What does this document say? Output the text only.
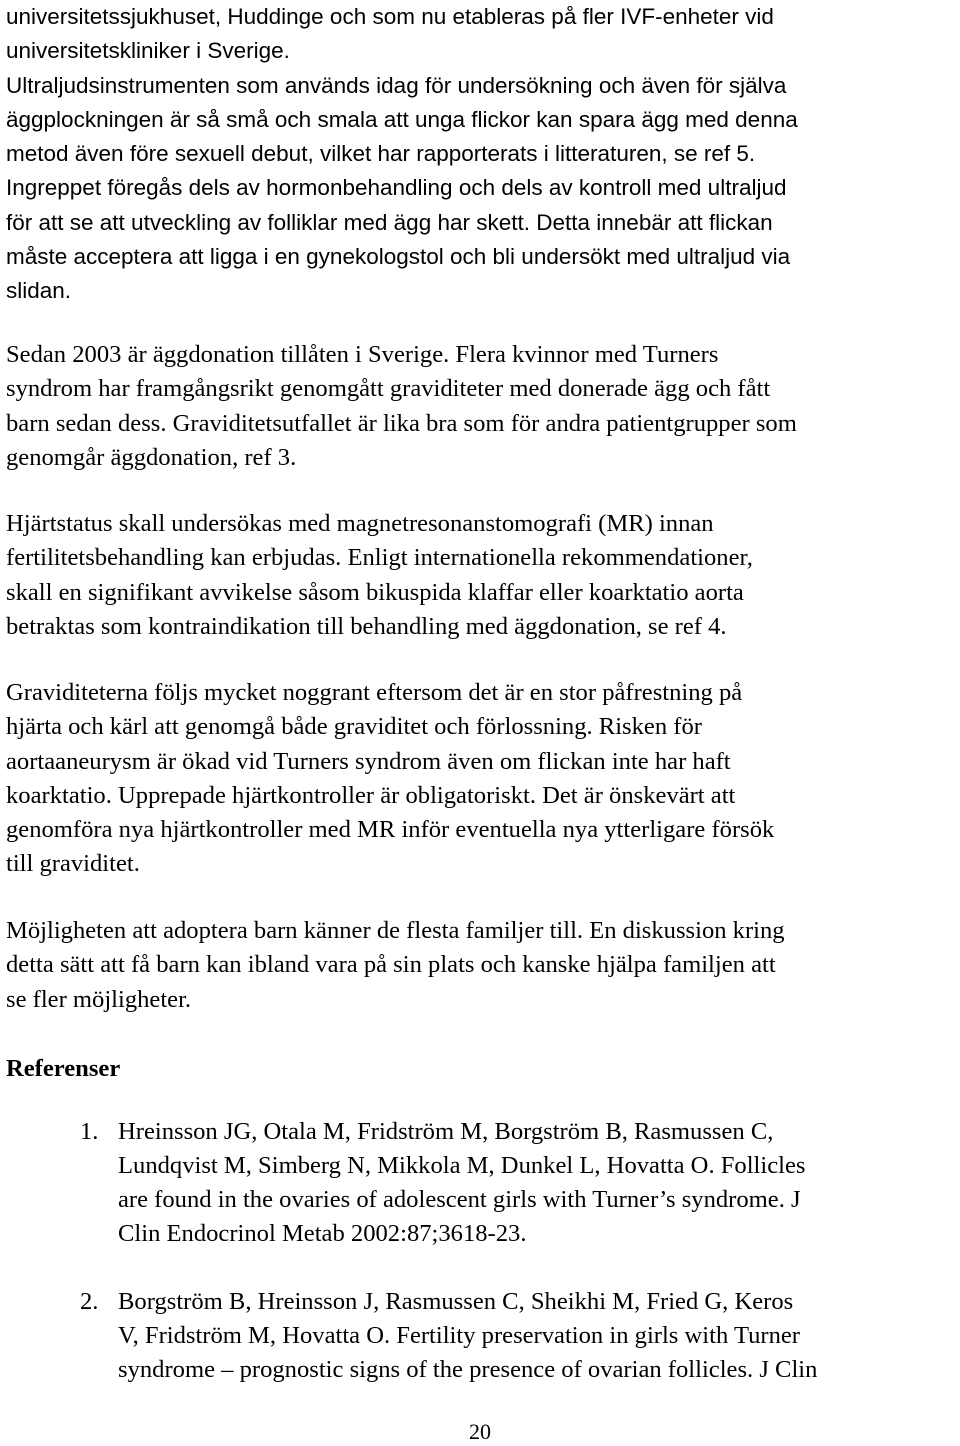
universitetssjukhuset, Huddinge och som nu etableras på fler IVF-enheter vid
universitetskliniker i Sverige.
Ultraljudsinstrumenten som används idag för undersökning och även för själva
äggplockningen är så små och smala att unga flickor kan spara ägg med denna
metod även före sexuell debut, vilket har rapporterats i litteraturen, se ref 5.
Ingreppet föregås dels av hormonbehandling och dels av kontroll med ultraljud
för att se att utveckling av folliklar med ägg har skett. Detta innebär att flickan
måste acceptera att ligga i en gynekologstol och bli undersökt med ultraljud via
slidan.
Sedan 2003 är äggdonation tillåten i Sverige. Flera kvinnor med Turners
syndrom har framgångsrikt genomgått graviditeter med donerade ägg och fått
barn sedan dess. Graviditetsutfallet är lika bra som för andra patientgrupper som
genomgår äggdonation, ref 3.
Hjärtstatus skall undersökas med magnetresonanstomografi (MR) innan
fertilitetsbehandling kan erbjudas. Enligt internationella rekommendationer,
skall en signifikant avvikelse såsom bikuspida klaffar eller koarktatio aorta
betraktas som kontraindikation till behandling med äggdonation, se ref 4.
Graviditeterna följs mycket noggrant eftersom det är en stor påfrestning på
hjärta och kärl att genomgå både graviditet och förlossning. Risken för
aortaaneurysm är ökad vid Turners syndrom även om flickan inte har haft
koarktatio. Upprepade hjärtkontroller är obligatoriskt. Det är önskevärt att
genomföra nya hjärtkontroller med MR inför eventuella nya ytterligare försök
till graviditet.
Möjligheten att adoptera barn känner de flesta familjer till. En diskussion kring
detta sätt att få barn kan ibland vara på sin plats och kanske hjälpa familjen att
se fler möjligheter.
Referenser
1. Hreinsson JG, Otala M, Fridström M, Borgström B, Rasmussen C,
Lundqvist M, Simberg N, Mikkola M, Dunkel L, Hovatta O. Follicles
are found in the ovaries of adolescent girls with Turner’s syndrome. J
Clin Endocrinol Metab 2002:87;3618-23.
2. Borgström B, Hreinsson J, Rasmussen C, Sheikhi M, Fried G, Keros
V, Fridström M, Hovatta O. Fertility preservation in girls with Turner
syndrome – prognostic signs of the presence of ovarian follicles. J Clin
20
